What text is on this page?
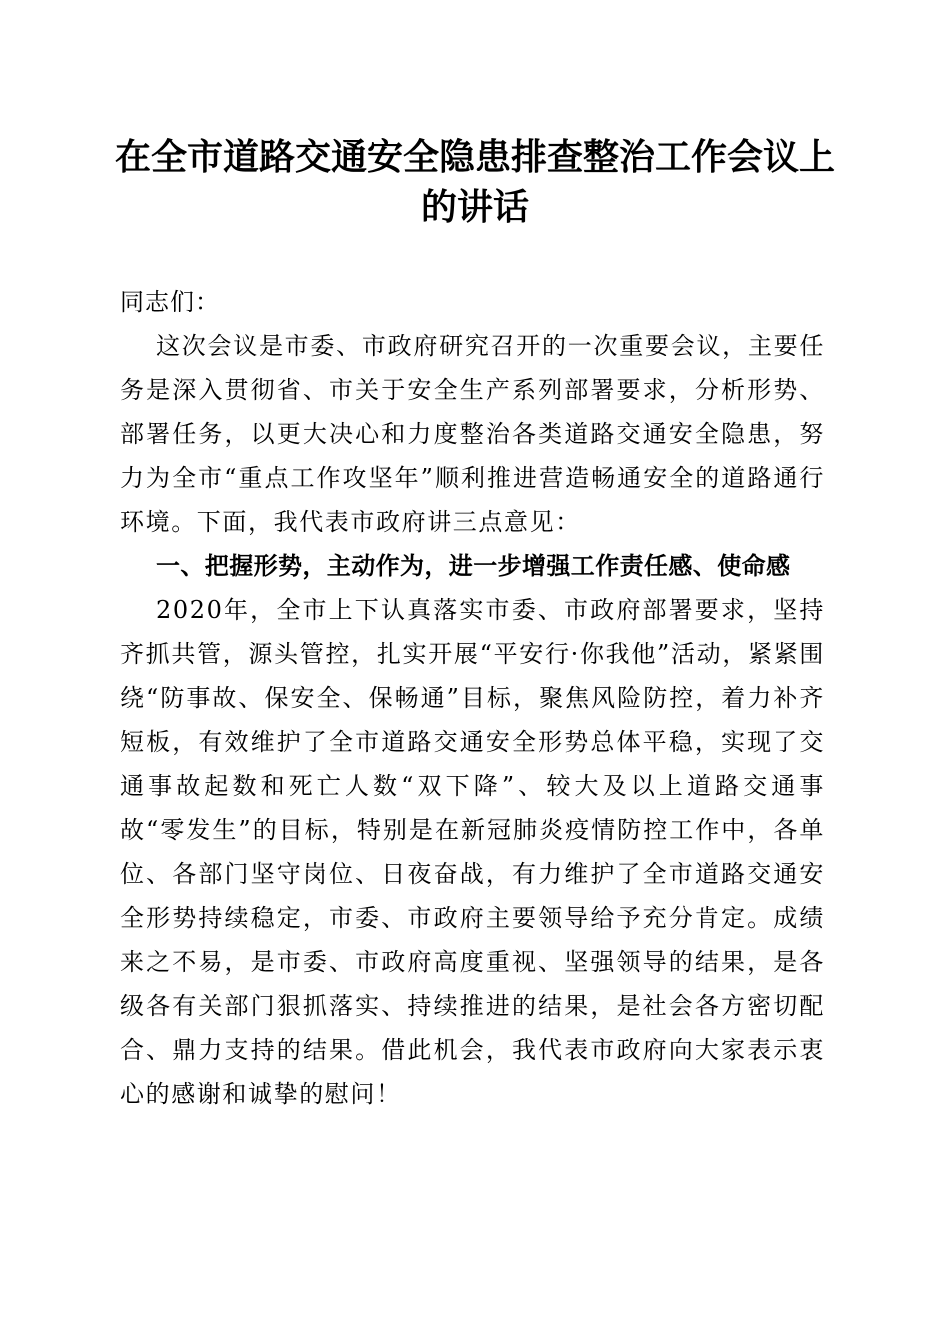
在全市道路交通安全隐患排查整治工作会议上的讲话

同志们：

这次会议是市委、市政府研究召开的一次重要会议，主要任务是深入贯彻省、市关于安全生产系列部署要求，分析形势、部署任务，以更大决心和力度整治各类道路交通安全隐患，努力为全市“重点工作攻坚年”顺利推进营造畅通安全的道路通行环境。下面，我代表市政府讲三点意见：

一、把握形势，主动作为，进一步增强工作责任感、使命感

2020年，全市上下认真落实市委、市政府部署要求，坚持齐抓共管，源头管控，扎实开展“平安行·你我他”活动，紧紧围绕“防事故、保安全、保畅通”目标，聚焦风险防控，着力补齐短板，有效维护了全市道路交通安全形势总体平稳，实现了交通事故起数和死亡人数“双下降”、较大及以上道路交通事故“零发生”的目标，特别是在新冠肺炎疫情防控工作中，各单位、各部门坚守岗位、日夜奋战，有力维护了全市道路交通安全形势持续稳定，市委、市政府主要领导给予充分肯定。成绩来之不易，是市委、市政府高度重视、坚强领导的结果，是各级各有关部门狠抓落实、持续推进的结果，是社会各方密切配合、鼎力支持的结果。借此机会，我代表市政府向大家表示衷心的感谢和诚挚的慰问！
